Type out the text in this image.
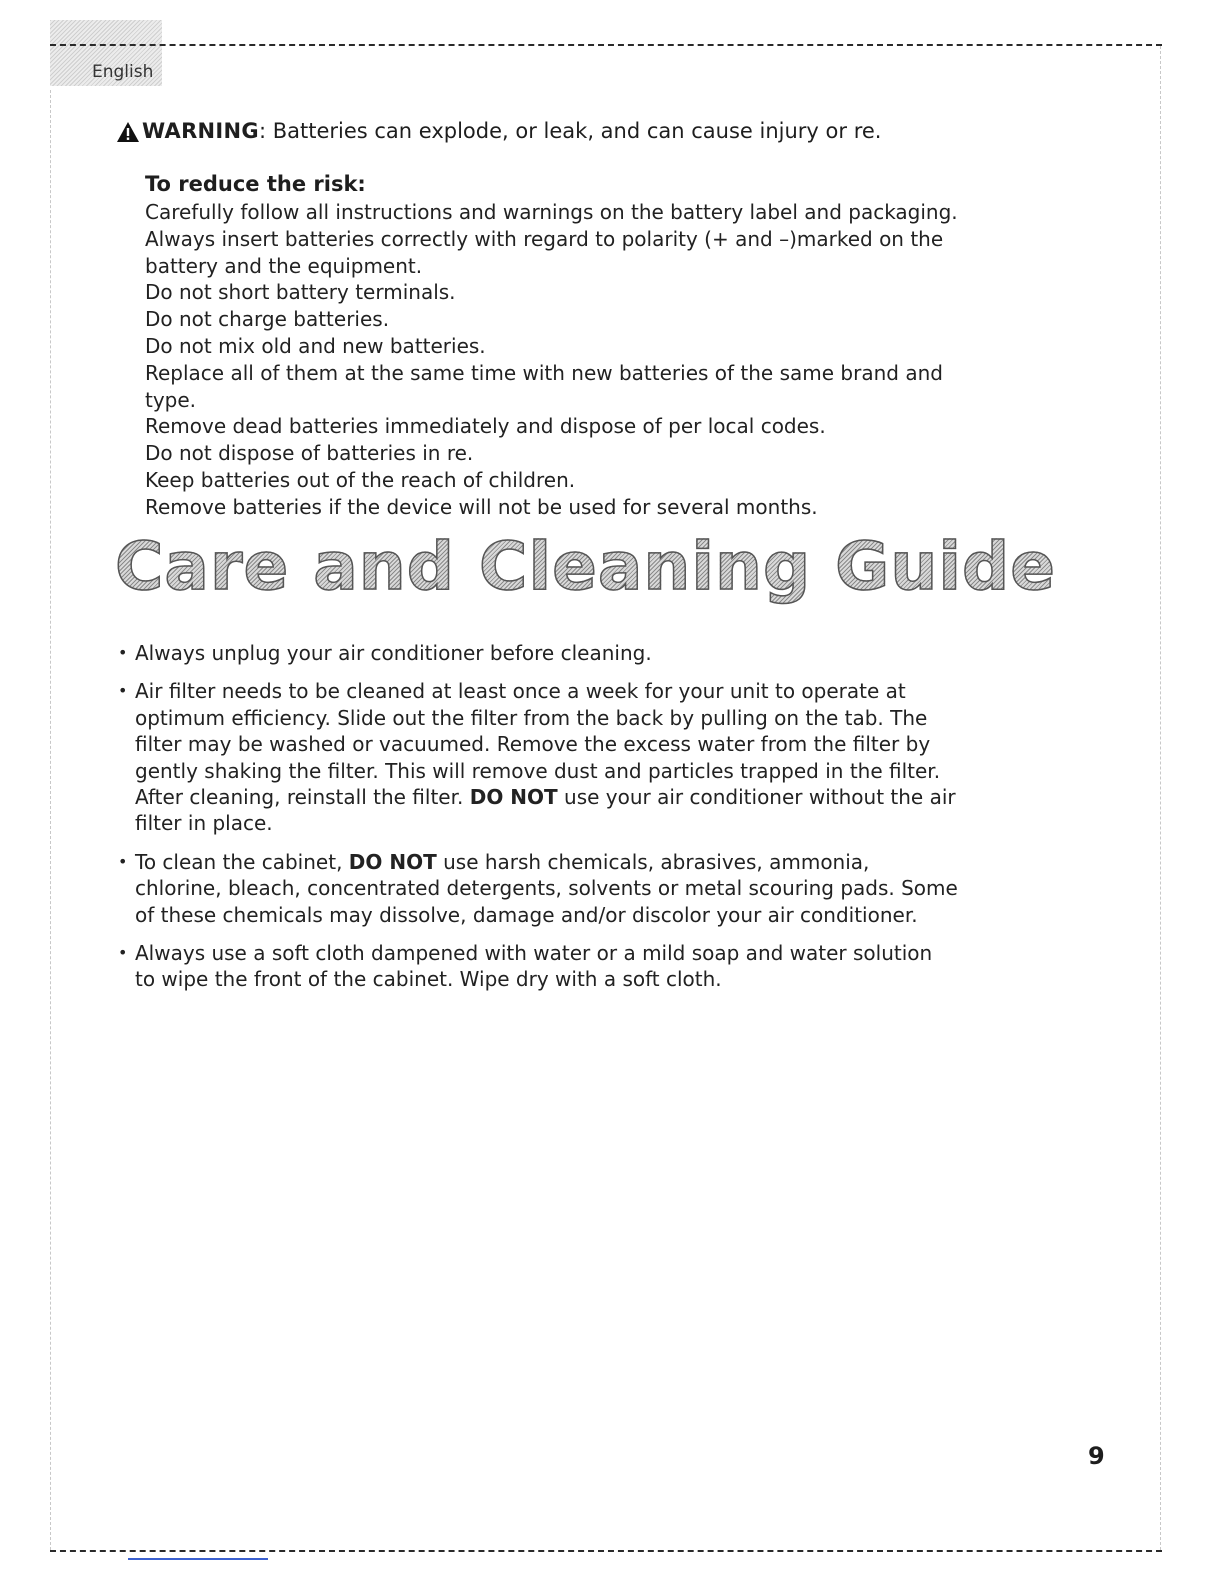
English
WARNING: Batteries can explode, or leak, and can cause injury or re.
To reduce the risk:
Carefully follow all instructions and warnings on the battery label and packaging.
Always insert batteries correctly with regard to polarity (+ and –)marked on the
battery and the equipment.
Do not short battery terminals.
Do not charge batteries.
Do not mix old and new batteries.
Replace all of them at the same time with new batteries of the same brand and type.
Remove dead batteries immediately and dispose of per local codes.
Do not dispose of batteries in re.
Keep batteries out of the reach of children.
Remove batteries if the device will not be used for several months.
Care and Cleaning Guide
• Always unplug your air conditioner before cleaning.
• Air filter needs to be cleaned at least once a week for your unit to operate at optimum efficiency. Slide out the filter from the back by pulling on the tab. The filter may be washed or vacuumed. Remove the excess water from the filter by gently shaking the filter. This will remove dust and particles trapped in the filter. After cleaning, reinstall the filter. DO NOT use your air conditioner without the air filter in place.
• To clean the cabinet, DO NOT use harsh chemicals, abrasives, ammonia, chlorine, bleach, concentrated detergents, solvents or metal scouring pads. Some of these chemicals may dissolve, damage and/or discolor your air conditioner.
• Always use a soft cloth dampened with water or a mild soap and water solution to wipe the front of the cabinet. Wipe dry with a soft cloth.
9
